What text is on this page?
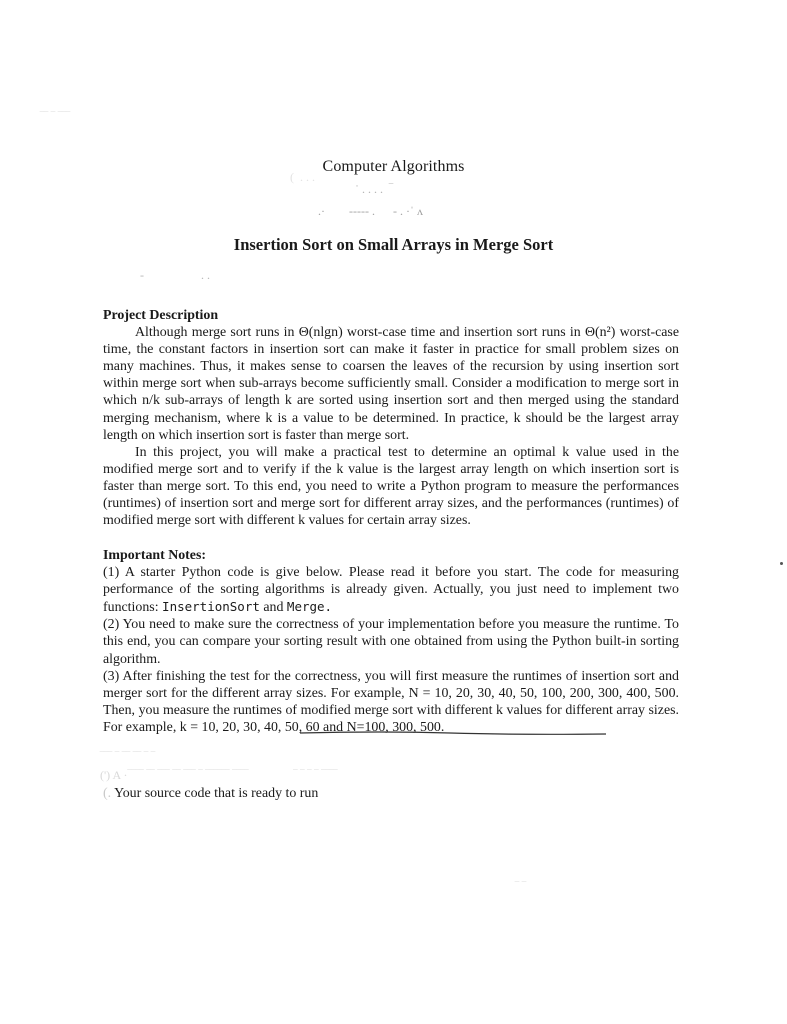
‾‾ ‾ ‾‾‾
(  . . .
˙ . . . .  ‾
.·        ‐‐‐‐‐ .      ‐ . ·ˈ ʌ
-                   . .
‾‾‾ ‾ ‾‾ ‾‾ ‾ ‾
(') A ·‾‾‾‾ ‾‾ ‾‾‾ ‾‾ ‾‾‾ ‾ ‾‾‾‾‾‾ ‾‾‾‾               ‾ ‾ ‾ ‾ ‾‾‾‾
‾ ‾
Computer Algorithms
Insertion Sort on Small Arrays in Merge Sort
Project Description

Although merge sort runs in Θ(nlgn) worst-case time and insertion sort runs in Θ(n²) worst-case time, the constant factors in insertion sort can make it faster in practice for small problem sizes on many machines. Thus, it makes sense to coarsen the leaves of the recursion by using insertion sort within merge sort when sub-arrays become sufficiently small. Consider a modification to merge sort in which n/k sub-arrays of length k are sorted using insertion sort and then merged using the standard merging mechanism, where k is a value to be determined. In practice, k should be the largest array length on which insertion sort is faster than merge sort.

In this project, you will make a practical test to determine an optimal k value used in the modified merge sort and to verify if the k value is the largest array length on which insertion sort is faster than merge sort. To this end, you need to write a Python program to measure the performances (runtimes) of insertion sort and merge sort for different array sizes, and the performances (runtimes) of modified merge sort with different k values for certain array sizes.

Important Notes:

(1) A starter Python code is give below. Please read it before you start. The code for measuring performance of the sorting algorithms is already given. Actually, you just need to implement two functions: InsertionSort and Merge.

(2) You need to make sure the correctness of your implementation before you measure the runtime. To this end, you can compare your sorting result with one obtained from using the Python built-in sorting algorithm.

(3) After finishing the test for the correctness, you will first measure the runtimes of insertion sort and merger sort for the different array sizes. For example, N = 10, 20, 30, 40, 50, 100, 200, 300, 400, 500. Then, you measure the runtimes of modified merge sort with different k values for different array sizes. For example, k = 10, 20, 30, 40, 50, 60 and N=100, 300, 500.

(. Your source code that is ready to run
